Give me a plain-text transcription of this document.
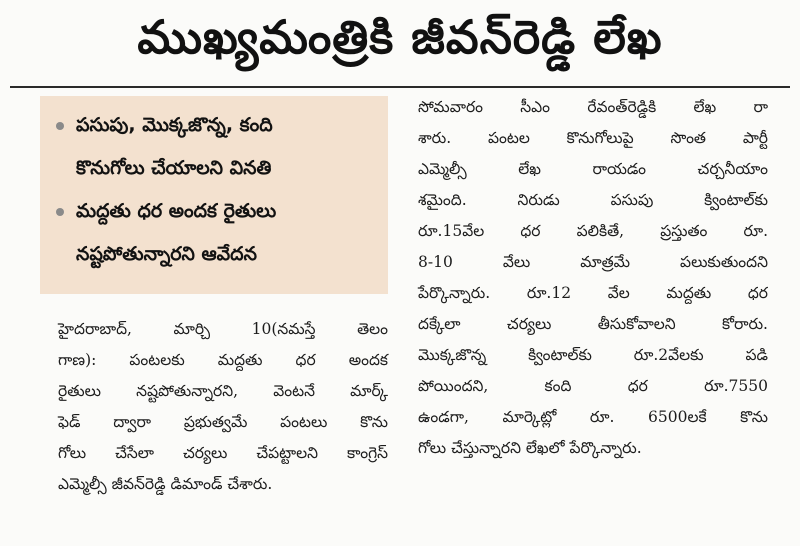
ముఖ్యమంత్రికి జీవన్‌రెడ్డి లేఖ
పసుపు, మొక్కజొన్న, కంది
కొనుగోలు చేయాలని వినతి
మద్దతు ధర అందక రైతులు
నష్టపోతున్నారని ఆవేదన
హైదరాబాద్‌, మార్చి 10(నమస్తే తెలం
గాణ): పంటలకు మద్దతు ధర అందక
రైతులు నష్టపోతున్నారని, వెంటనే మార్క్‌
ఫెడ్‌ ద్వారా ప్రభుత్వమే పంటలు కొను
గోలు చేసేలా చర్యలు చేపట్టాలని కాంగ్రెస్‌
ఎమ్మెల్సీ జీవన్‌రెడ్డి డిమాండ్‌ చేశారు.
సోమవారం సీఎం రేవంత్‌రెడ్డికి లేఖ రా
శారు. పంటల కొనుగోలుపై సొంత పార్టీ
ఎమ్మెల్సీ లేఖ రాయడం చర్చనీయాం
శమైంది. నిరుడు పసుపు క్వింటాల్‌కు
రూ.15వేల ధర పలికితే, ప్రస్తుతం రూ.
8-10 వేలు మాత్రమే పలుకుతుందని
పేర్కొన్నారు. రూ.12 వేల మద్దతు ధర
దక్కేలా చర్యలు తీసుకోవాలని కోరారు.
మొక్కజొన్న క్వింటాల్‌కు రూ.2వేలకు పడి
పోయిందని, కంది ధర రూ.7550
ఉండగా, మార్కెట్లో రూ. 6500లకే కొను
గోలు చేస్తున్నారని లేఖలో పేర్కొన్నారు.
